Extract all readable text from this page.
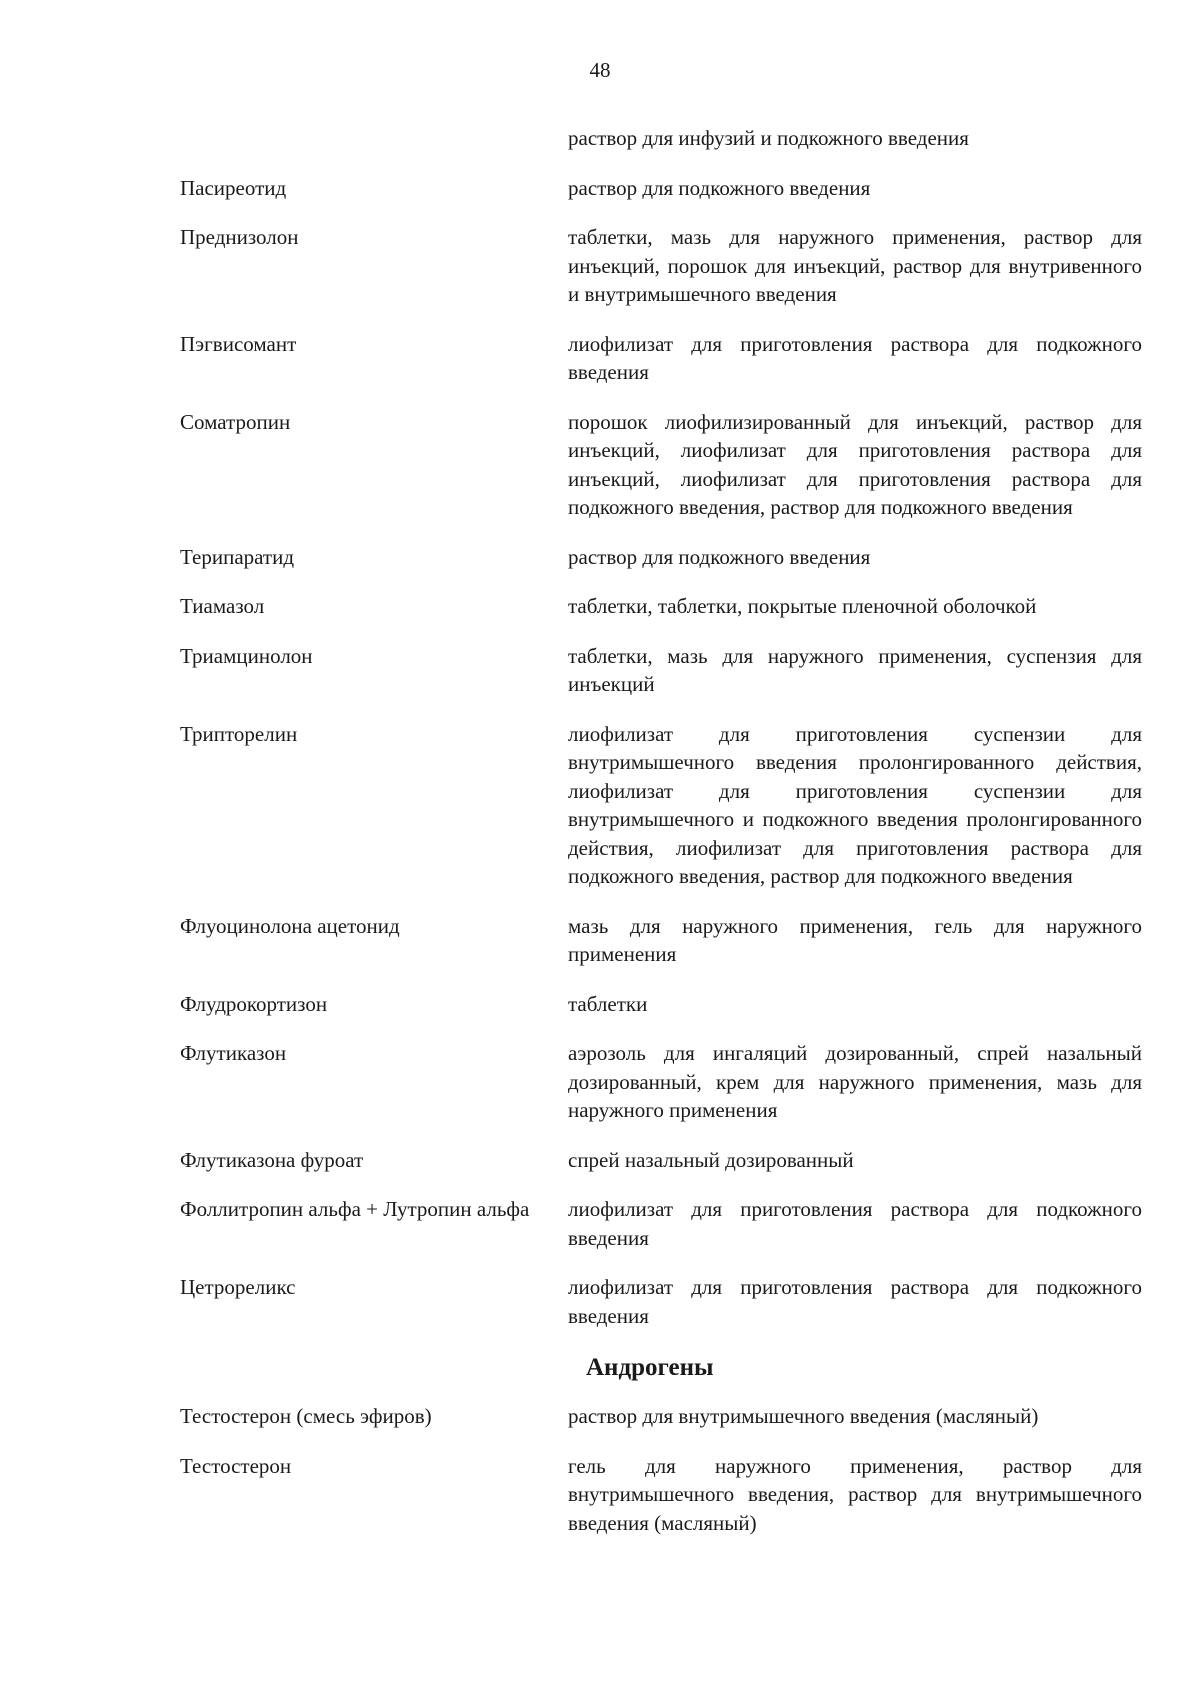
48
раствор для инфузий и подкожного введения
Пасиреотид	раствор для подкожного введения
Преднизолон	таблетки, мазь для наружного применения, раствор для инъекций, порошок для инъекций, раствор для внутривенного и внутримышечного введения
Пэгвисомант	лиофилизат для приготовления раствора для подкожного введения
Соматропин	порошок лиофилизированный для инъекций, раствор для инъекций, лиофилизат для приготовления раствора для инъекций, лиофилизат для приготовления раствора для подкожного введения, раствор для подкожного введения
Терипаратид	раствор для подкожного введения
Тиамазол	таблетки, таблетки, покрытые пленочной оболочкой
Триамцинолон	таблетки, мазь для наружного применения, суспензия для инъекций
Трипторелин	лиофилизат для приготовления суспензии для внутримышечного введения пролонгированного действия, лиофилизат для приготовления суспензии для внутримышечного и подкожного введения пролонгированного действия, лиофилизат для приготовления раствора для подкожного введения, раствор для подкожного введения
Флуоцинолона ацетонид	мазь для наружного применения, гель для наружного применения
Флудрокортизон	таблетки
Флутиказон	аэрозоль для ингаляций дозированный, спрей назальный дозированный, крем для наружного применения, мазь для наружного применения
Флутиказона фуроат	спрей назальный дозированный
Фоллитропин альфа + Лутропин альфа	лиофилизат для приготовления раствора для подкожного введения
Цетрореликс	лиофилизат для приготовления раствора для подкожного введения
Андрогены
Тестостерон (смесь эфиров)	раствор для внутримышечного введения (масляный)
Тестостерон	гель для наружного применения, раствор для внутримышечного введения, раствор для внутримышечного введения (масляный)
